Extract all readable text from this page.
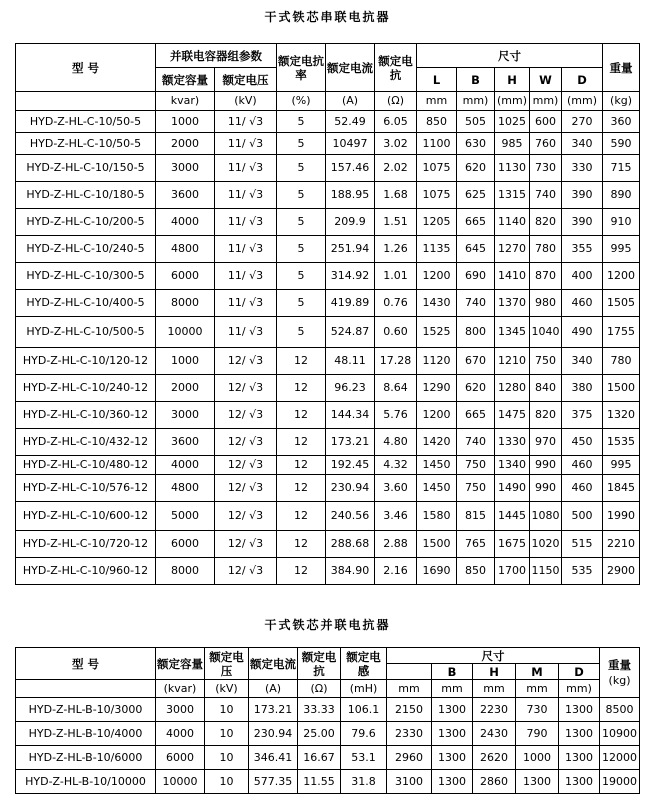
干式铁芯串联电抗器
型 号	并联电容器组参数		额定电抗率	额定电流	额定电抗	尺寸					重量
	额定容量	额定电压				L	B	H	W	D	
	kvar)	(kV)	(%)	(A)	(Ω)	mm	mm)	(mm)	mm)	(mm)	(kg)
HYD-Z-HL-C-10/50-5	1000	11/ √3	5	52.49	6.05	850	505	1025	600	270	360
HYD-Z-HL-C-10/50-5	2000	11/ √3	5	10497	3.02	1100	630	985	760	340	590
HYD-Z-HL-C-10/150-5	3000	11/ √3	5	157.46	2.02	1075	620	1130	730	330	715
HYD-Z-HL-C-10/180-5	3600	11/ √3	5	188.95	1.68	1075	625	1315	740	390	890
HYD-Z-HL-C-10/200-5	4000	11/ √3	5	209.9	1.51	1205	665	1140	820	390	910
HYD-Z-HL-C-10/240-5	4800	11/ √3	5	251.94	1.26	1135	645	1270	780	355	995
HYD-Z-HL-C-10/300-5	6000	11/ √3	5	314.92	1.01	1200	690	1410	870	400	1200
HYD-Z-HL-C-10/400-5	8000	11/ √3	5	419.89	0.76	1430	740	1370	980	460	1505
HYD-Z-HL-C-10/500-5	10000	11/ √3	5	524.87	0.60	1525	800	1345	1040	490	1755
HYD-Z-HL-C-10/120-12	1000	12/ √3	12	48.11	17.28	1120	670	1210	750	340	780
HYD-Z-HL-C-10/240-12	2000	12/ √3	12	96.23	8.64	1290	620	1280	840	380	1500
HYD-Z-HL-C-10/360-12	3000	12/ √3	12	144.34	5.76	1200	665	1475	820	375	1320
HYD-Z-HL-C-10/432-12	3600	12/ √3	12	173.21	4.80	1420	740	1330	970	450	1535
HYD-Z-HL-C-10/480-12	4000	12/ √3	12	192.45	4.32	1450	750	1340	990	460	995
HYD-Z-HL-C-10/576-12	4800	12/ √3	12	230.94	3.60	1450	750	1490	990	460	1845
HYD-Z-HL-C-10/600-12	5000	12/ √3	12	240.56	3.46	1580	815	1445	1080	500	1990
HYD-Z-HL-C-10/720-12	6000	12/ √3	12	288.68	2.88	1500	765	1675	1020	515	2210
HYD-Z-HL-C-10/960-12	8000	12/ √3	12	384.90	2.16	1690	850	1700	1150	535	2900
干式铁芯并联电抗器
型 号	额定容量	额定电压	额定电流	额定电抗	额定电感	尺寸					重量
(kg)

							B	H	M	D	
	(kvar)	(kV)	(A)	(Ω)	(mH)	mm	mm	mm	mm	mm)	
HYD-Z-HL-B-10/3000	3000	10	173.21	33.33	106.1	2150	1300	2230	730	1300	8500
HYD-Z-HL-B-10/4000	4000	10	230.94	25.00	79.6	2330	1300	2430	790	1300	10900
HYD-Z-HL-B-10/6000	6000	10	346.41	16.67	53.1	2960	1300	2620	1000	1300	12000
HYD-Z-HL-B-10/10000	10000	10	577.35	11.55	31.8	3100	1300	2860	1300	1300	19000
